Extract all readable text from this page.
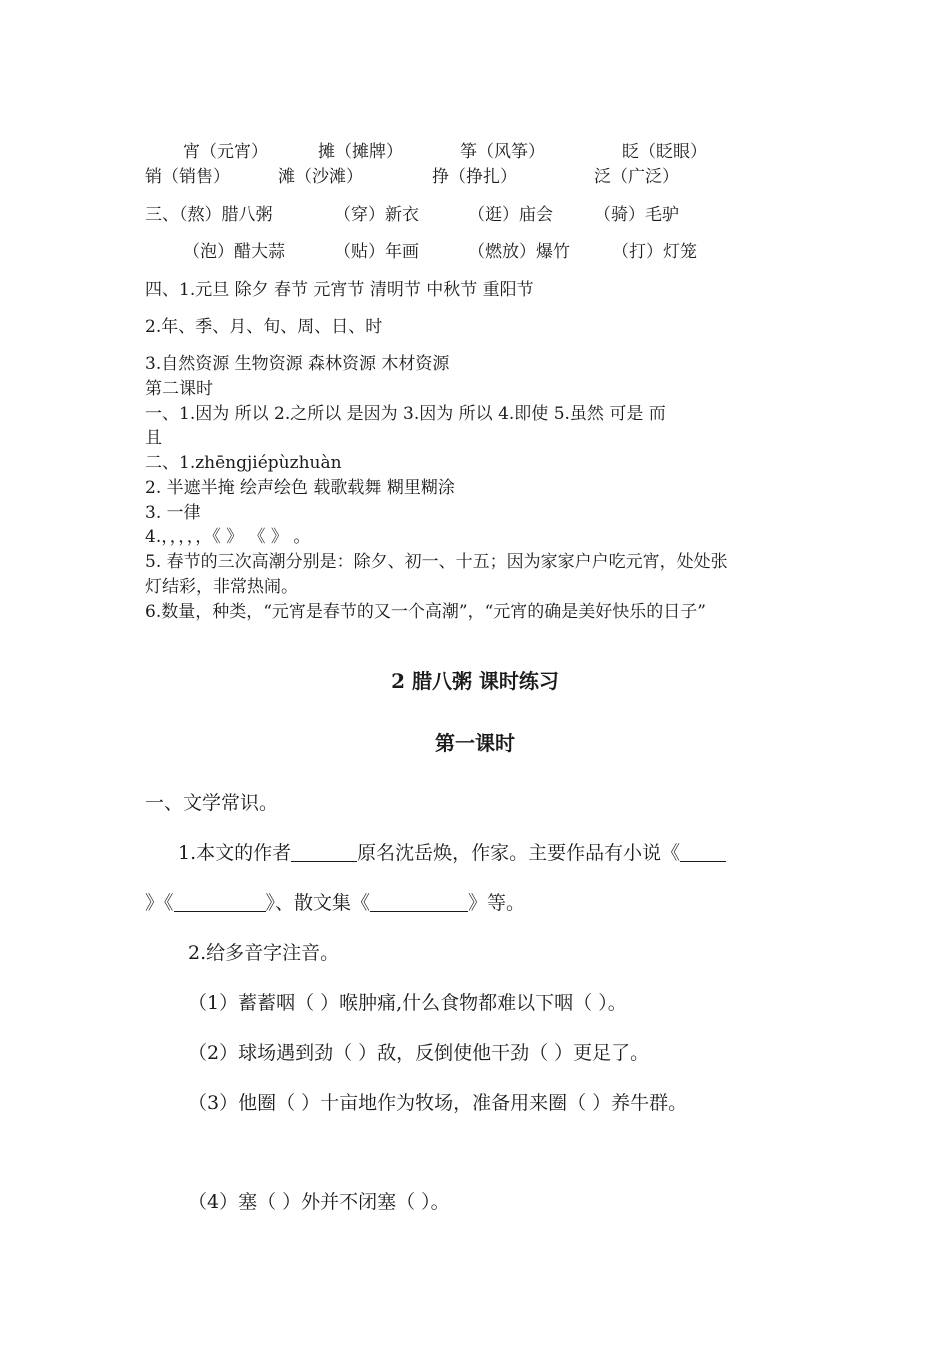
宵（元宵）	摊（摊牌）	筝（风筝）	眨（眨眼）
销（销售）	滩（沙滩）	挣（挣扎）	泛（广泛）
三、（熬）腊八粥	（穿）新衣	（逛）庙会 （骑）毛驴
（泡）醋大蒜	（贴）年画	（燃放）爆竹 （打）灯笼
四、1.元旦 除夕 春节 元宵节 清明节 中秋节 重阳节
2.年、季、月、旬、周、日、时
3.自然资源 生物资源 森林资源 木材资源
第二课时
一、1.因为 所以 2.之所以 是因为 3.因为 所以 4.即使 5.虽然 可是 而
且
二、1.zhēngjiépùzhuàn
2. 半遮半掩 绘声绘色 载歌载舞 糊里糊涂
3. 一律
4.，，，，，《 》 《 》 。
5. 春节的三次高潮分别是：除夕、初一、十五；因为家家户户吃元宵，处处张
灯结彩，非常热闹。
6.数量，种类，“元宵是春节的又一个高潮”，“元宵的确是美好快乐的日子”
2 腊八粥 课时练习
第一课时
一、文学常识。
1.本文的作者	原名沈岳焕，作家。主要作品有小说《
》《	》、散文集《	》等。
2.给多音字注音。
（1）蓄蓄咽（ ）喉肿痛,什么食物都难以下咽（ ）。
（2）球场遇到劲（ ）敌，反倒使他干劲（ ）更足了。
（3）他圈（ ）十亩地作为牧场，准备用来圈（ ）养牛群。
（4）塞（ ）外并不闭塞（ ）。
